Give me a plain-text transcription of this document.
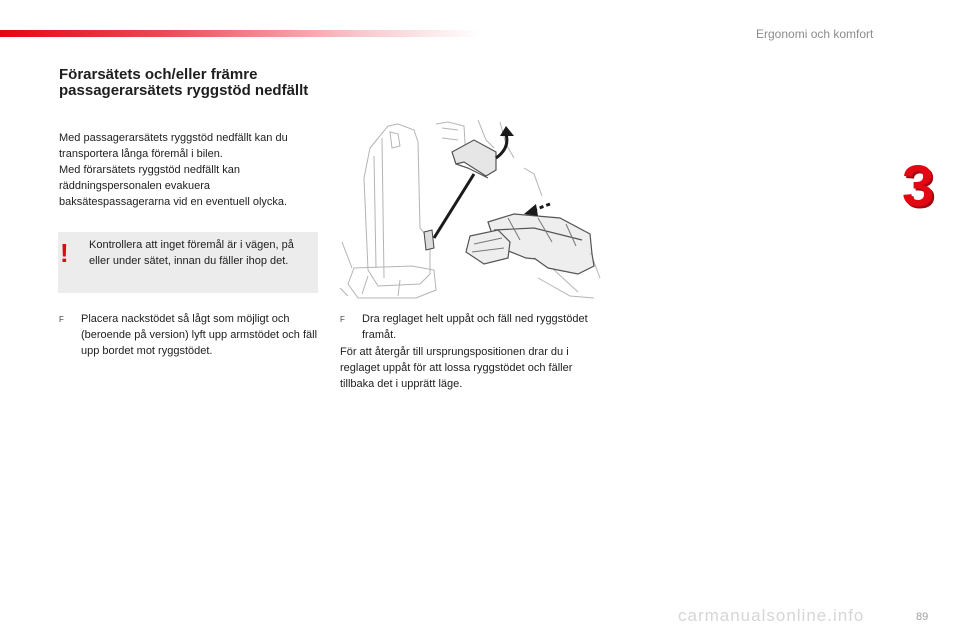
Ergonomi och komfort
3
Förarsätets och/eller främre passagerarsätets ryggstöd nedfällt

Med passagerarsätets ryggstöd nedfällt kan du transportera långa föremål i bilen.

Med förarsätets ryggstöd nedfällt kan räddningspersonalen evakuera baksätespassagerarna vid en eventuell olycka.

! Kontrollera att inget föremål är i vägen, på eller under sätet, innan du fäller ihop det.
F	Placera nackstödet så lågt som möjligt och (beroende på version) lyft upp armstödet och fäll upp bordet mot ryggstödet.
F	Dra reglaget helt uppåt och fäll ned ryggstödet framåt.

För att återgår till ursprungspositionen drar du i reglaget uppåt för att lossa ryggstödet och fäller tillbaka det i upprätt läge.

89
carmanualsonline.info
